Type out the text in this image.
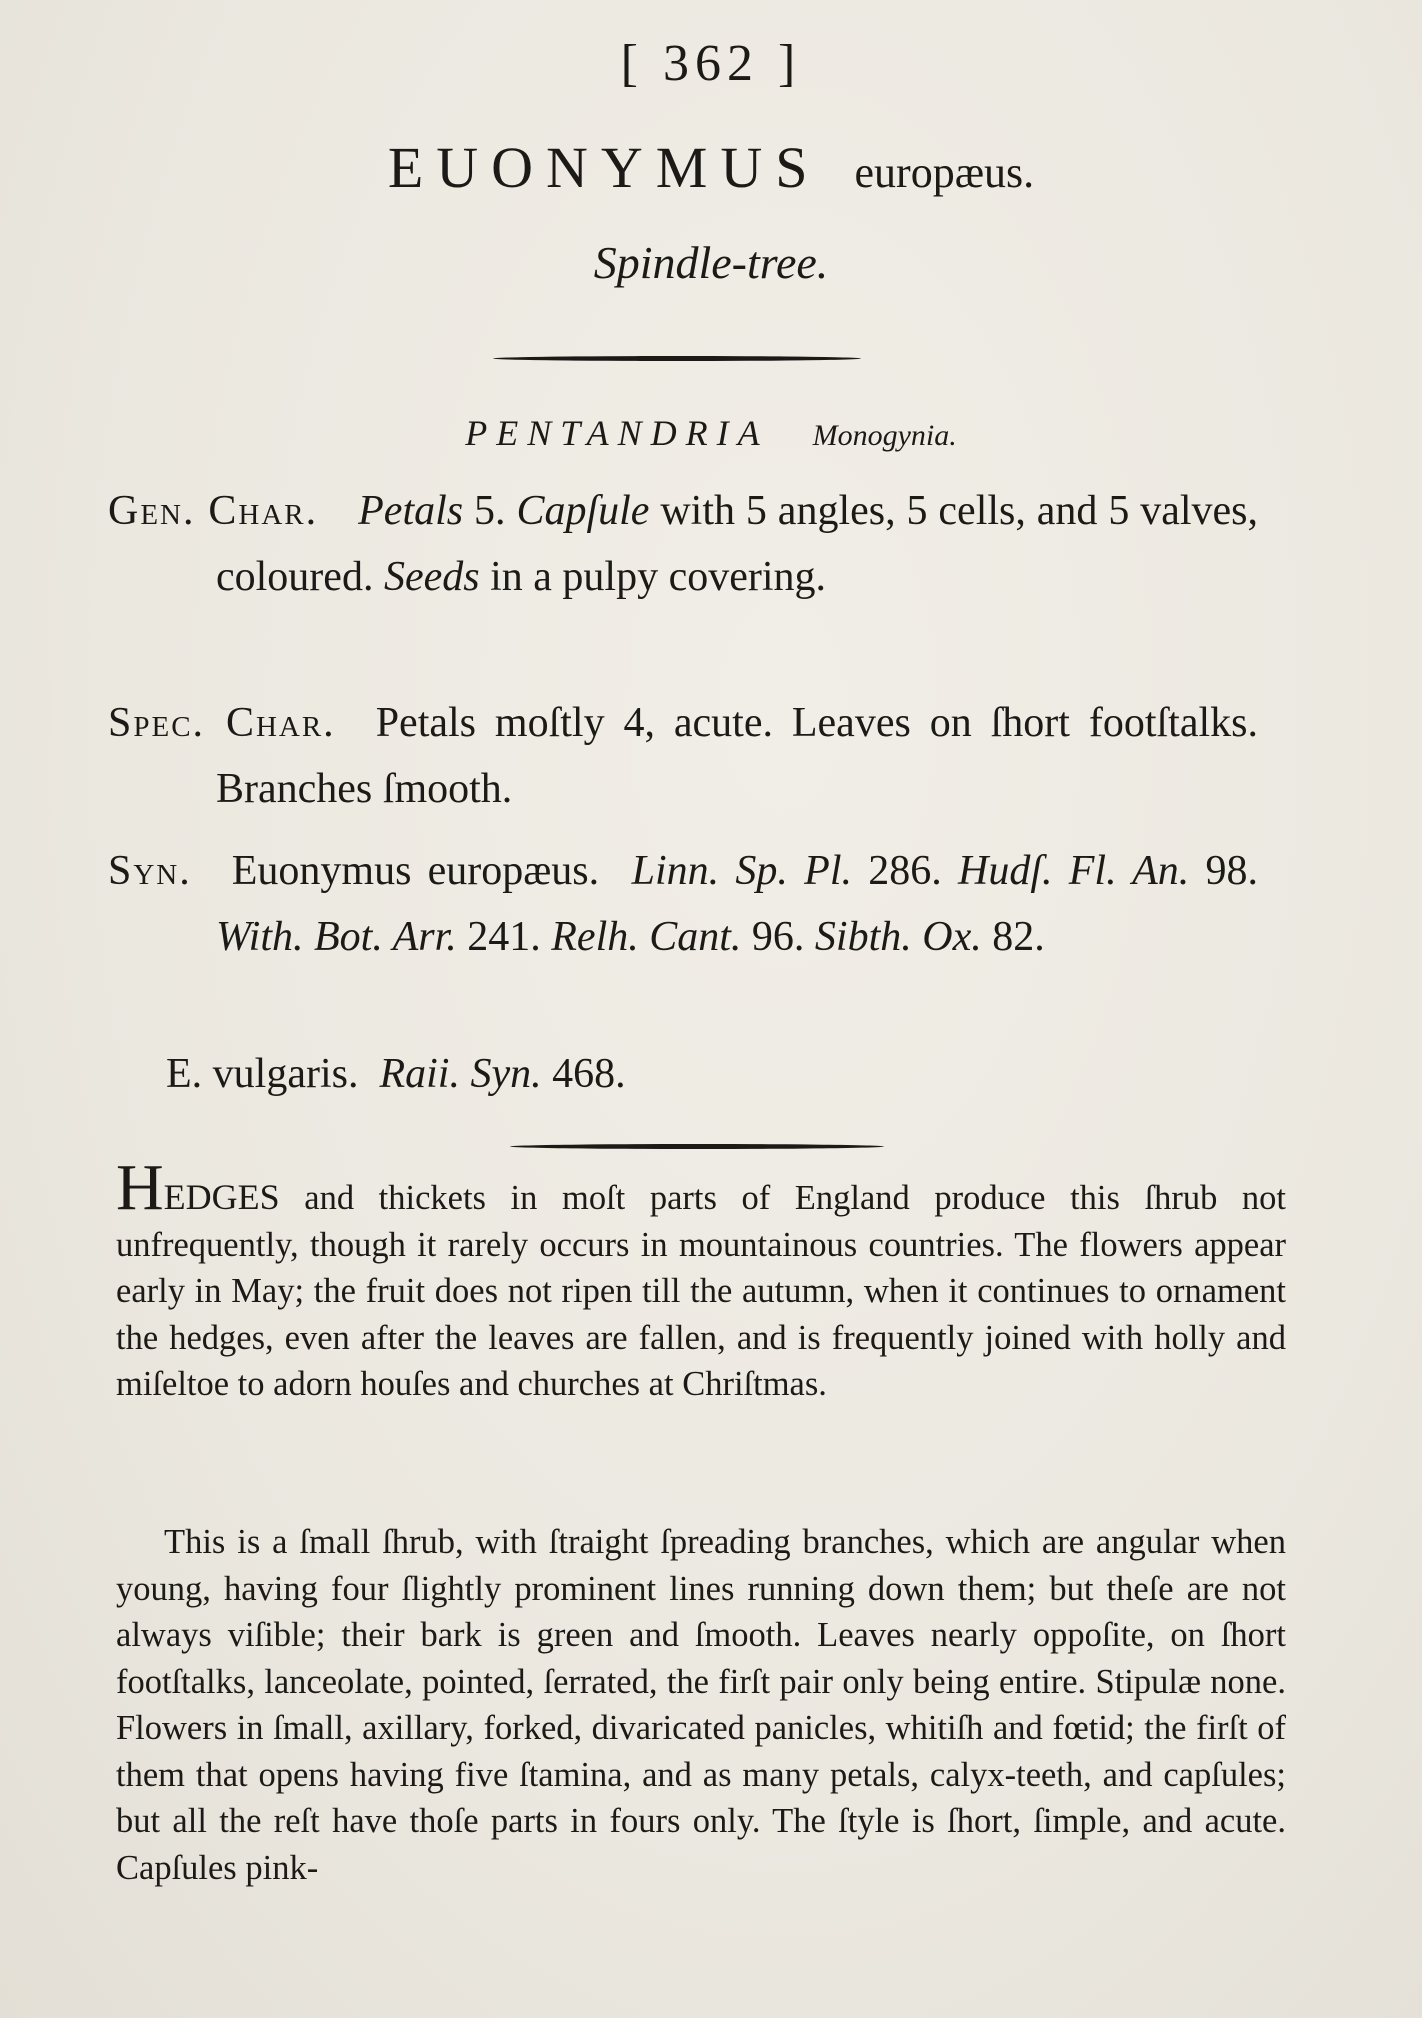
[ 362 ]
EUONYMUS europæus.
Spindle-tree.
PENTANDRIA Monogynia.
Gen. Char. Petals 5. Capſule with 5 angles, 5 cells, and 5 valves, coloured. Seeds in a pulpy covering.
Spec. Char. Petals moſtly 4, acute. Leaves on ſhort footſtalks. Branches ſmooth.
Syn. Euonymus europæus. Linn. Sp. Pl. 286. Hudſ. Fl. An. 98. With. Bot. Arr. 241. Relh. Cant. 96. Sibth. Ox. 82.
E. vulgaris. Raii. Syn. 468.
HEDGES and thickets in moſt parts of England produce this ſhrub not unfrequently, though it rarely occurs in mountainous countries. The flowers appear early in May; the fruit does not ripen till the autumn, when it continues to ornament the hedges, even after the leaves are fallen, and is frequently joined with holly and miſeltoe to adorn houſes and churches at Chriſtmas.
This is a ſmall ſhrub, with ſtraight ſpreading branches, which are angular when young, having four ſlightly prominent lines running down them; but theſe are not always viſible; their bark is green and ſmooth. Leaves nearly oppoſite, on ſhort footſtalks, lanceolate, pointed, ſerrated, the firſt pair only being entire. Stipulæ none. Flowers in ſmall, axillary, forked, divaricated panicles, whitiſh and fœtid; the firſt of them that opens having five ſtamina, and as many petals, calyx-teeth, and capſules; but all the reſt have thoſe parts in fours only. The ſtyle is ſhort, ſimple, and acute. Capſules pink-
